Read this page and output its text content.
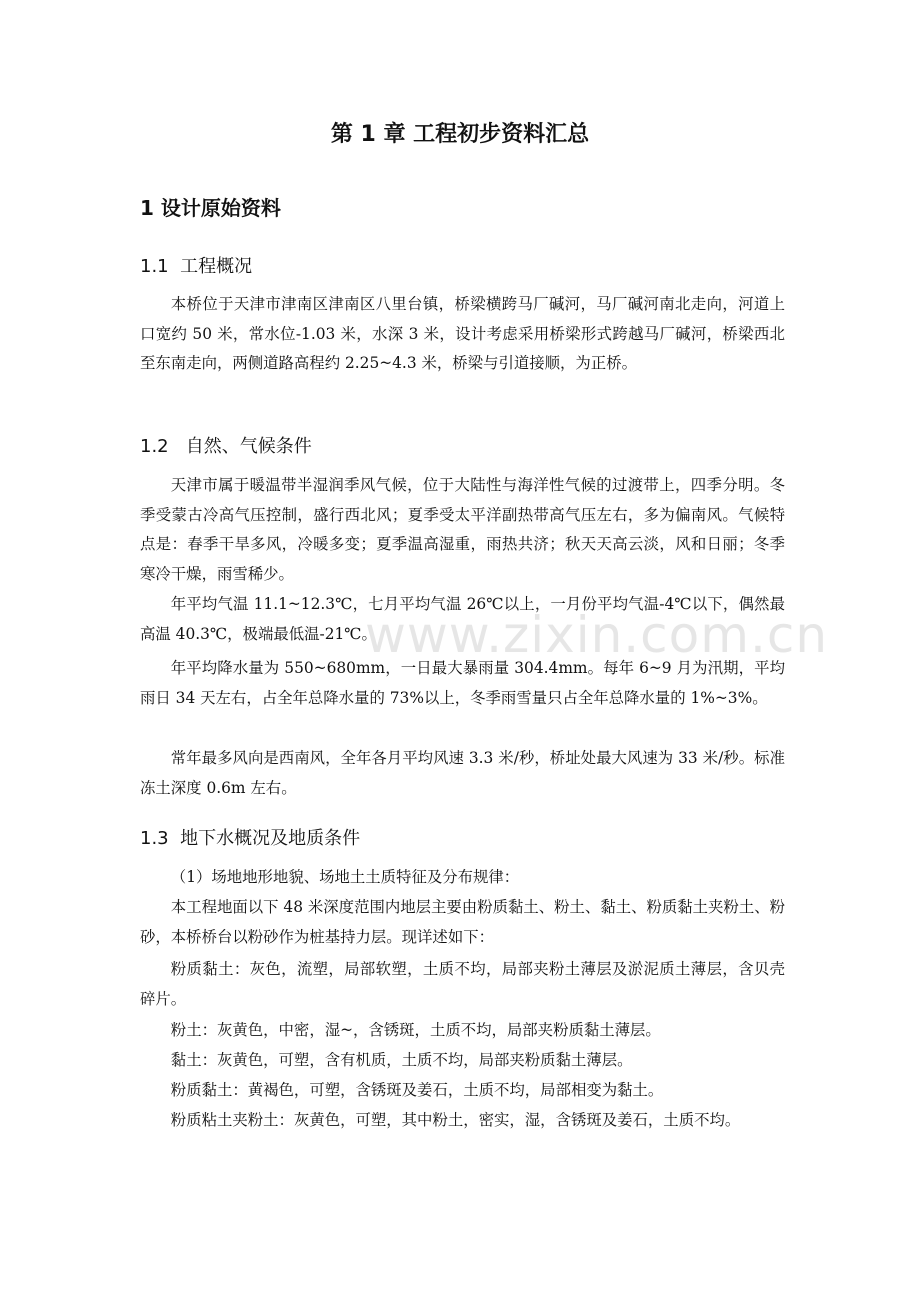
www.zixin.com.cn
第 1 章 工程初步资料汇总
1 设计原始资料
1.1  工程概况

本桥位于天津市津南区津南区八里台镇，桥梁横跨马厂碱河，马厂碱河南北走向，河道上口宽约 50 米，常水位-1.03 米，水深 3 米，设计考虑采用桥梁形式跨越马厂碱河，桥梁西北至东南走向，两侧道路高程约 2.25~4.3 米，桥梁与引道接顺，为正桥。

1.2   自然、气候条件

天津市属于暖温带半湿润季风气候，位于大陆性与海洋性气候的过渡带上，四季分明。冬季受蒙古冷高气压控制，盛行西北风；夏季受太平洋副热带高气压左右，多为偏南风。气候特点是：春季干旱多风，冷暖多变；夏季温高湿重，雨热共济；秋天天高云淡，风和日丽；冬季寒冷干燥，雨雪稀少。

年平均气温 11.1~12.3℃，七月平均气温 26℃以上，一月份平均气温-4℃以下，偶然最高温 40.3℃，极端最低温-21℃。

年平均降水量为 550~680mm，一日最大暴雨量 304.4mm。每年 6~9 月为汛期，平均雨日 34 天左右，占全年总降水量的 73%以上，冬季雨雪量只占全年总降水量的 1%~3%。

常年最多风向是西南风，全年各月平均风速 3.3 米/秒，桥址处最大风速为 33 米/秒。标准冻土深度 0.6m 左右。

1.3  地下水概况及地质条件

（1）场地地形地貌、场地土土质特征及分布规律：

本工程地面以下 48 米深度范围内地层主要由粉质黏土、粉土、黏土、粉质黏土夹粉土、粉砂，本桥桥台以粉砂作为桩基持力层。现详述如下：

粉质黏土：灰色，流塑，局部软塑，土质不均，局部夹粉土薄层及淤泥质土薄层，含贝壳碎片。

粉土：灰黄色，中密，湿~，含锈斑，土质不均，局部夹粉质黏土薄层。

黏土：灰黄色，可塑，含有机质，土质不均，局部夹粉质黏土薄层。

粉质黏土：黄褐色，可塑，含锈斑及姜石，土质不均，局部相变为黏土。

粉质粘土夹粉土：灰黄色，可塑，其中粉土，密实，湿，含锈斑及姜石，土质不均。
